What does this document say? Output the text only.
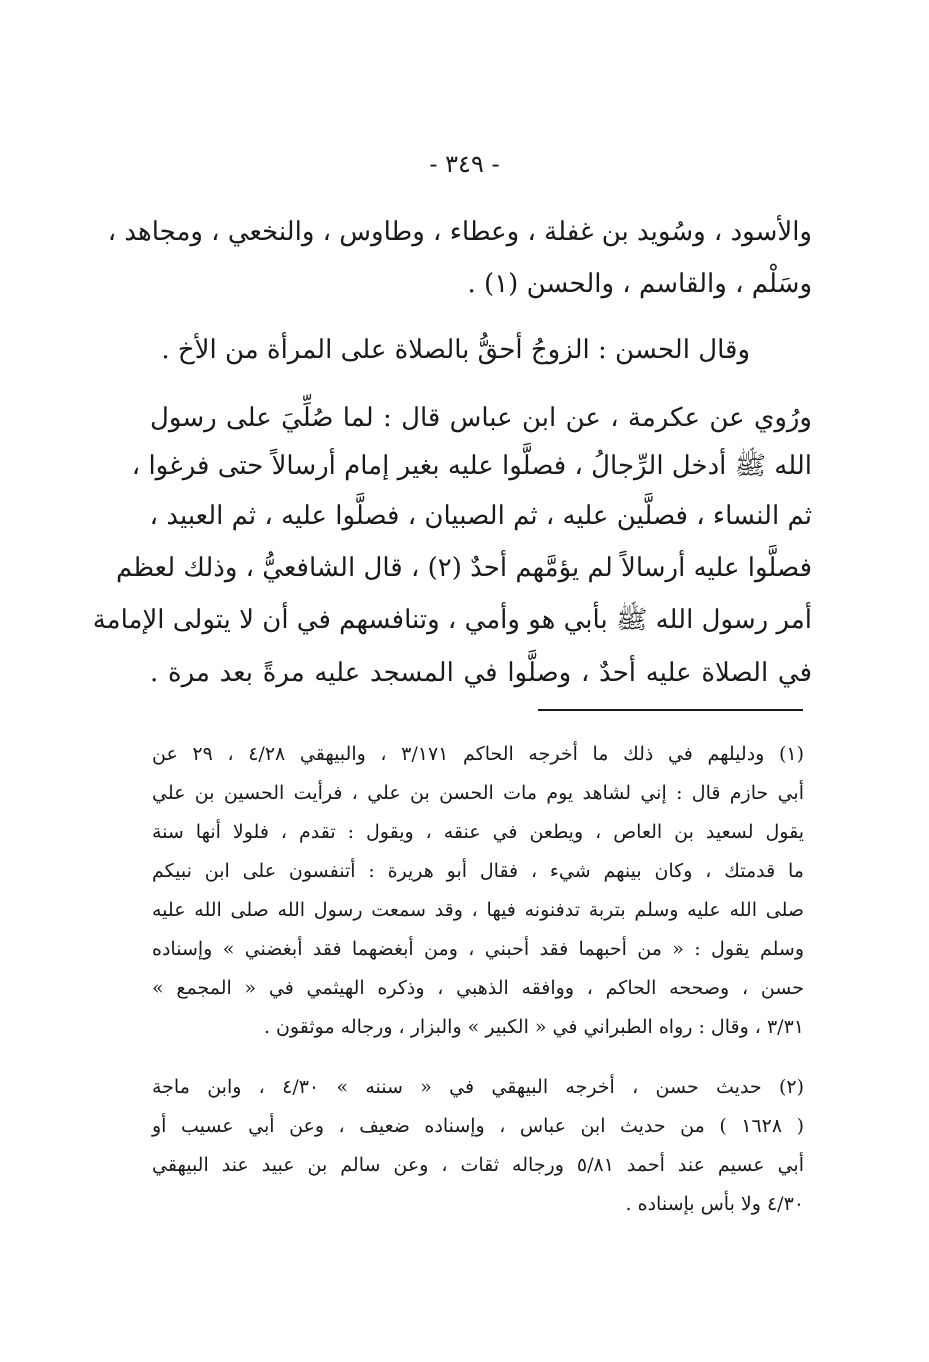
- ٣٤٩ -
والأسود ، وسُويد بن غفلة ، وعطاء ، وطاوس ، والنخعي ، ومجاهد ،
وسَلْم ، والقاسم ، والحسن (١) .
وقال الحسن : الزوجُ أحقُّ بالصلاة على المرأة من الأخ .
ورُوي عن عكرمة ، عن ابن عباس قال : لما صُلِّيَ على رسول
الله ﷺ أدخل الرِّجالُ ، فصلَّوا عليه بغير إمام أرسالاً حتى فرغوا ،
ثم النساء ، فصلَّين عليه ، ثم الصبيان ، فصلَّوا عليه ، ثم العبيد ،
فصلَّوا عليه أرسالاً لم يؤمَّهم أحدٌ (٢) ، قال الشافعيُّ ، وذلك لعظم
أمر رسول الله ﷺ بأبي هو وأمي ، وتنافسهم في أن لا يتولى الإمامة
في الصلاة عليه أحدٌ ، وصلَّوا في المسجد عليه مرةً بعد مرة .
(١) ودليلهم في ذلك ما أخرجه الحاكم ٣/١٧١ ، والبيهقي ٤/٢٨ ، ٢٩ عن
أبي حازم قال : إني لشاهد يوم مات الحسن بن علي ، فرأيت الحسين بن علي
يقول لسعيد بن العاص ، ويطعن في عنقه ، ويقول : تقدم ، فلولا أنها سنة
ما قدمتك ، وكان بينهم شيء ، فقال أبو هريرة : أتنفسون على ابن نبيكم
صلى الله عليه وسلم بتربة تدفنونه فيها ، وقد سمعت رسول الله صلى الله عليه
وسلم يقول : « من أحبهما فقد أحبني ، ومن أبغضهما فقد أبغضني » وإسناده
حسن ، وصححه الحاكم ، ووافقه الذهبي ، وذكره الهيثمي في « المجمع »
٣/٣١ ، وقال : رواه الطبراني في « الكبير » والبزار ، ورجاله موثقون .
(٢) حديث حسن ، أخرجه البيهقي في « سننه » ٤/٣٠ ، وابن ماجة
( ١٦٢٨ ) من حديث ابن عباس ، وإسناده ضعيف ، وعن أبي عسيب أو
أبي عسيم عند أحمد ٥/٨١ ورجاله ثقات ، وعن سالم بن عبيد عند البيهقي
٤/٣٠ ولا بأس بإسناده .
